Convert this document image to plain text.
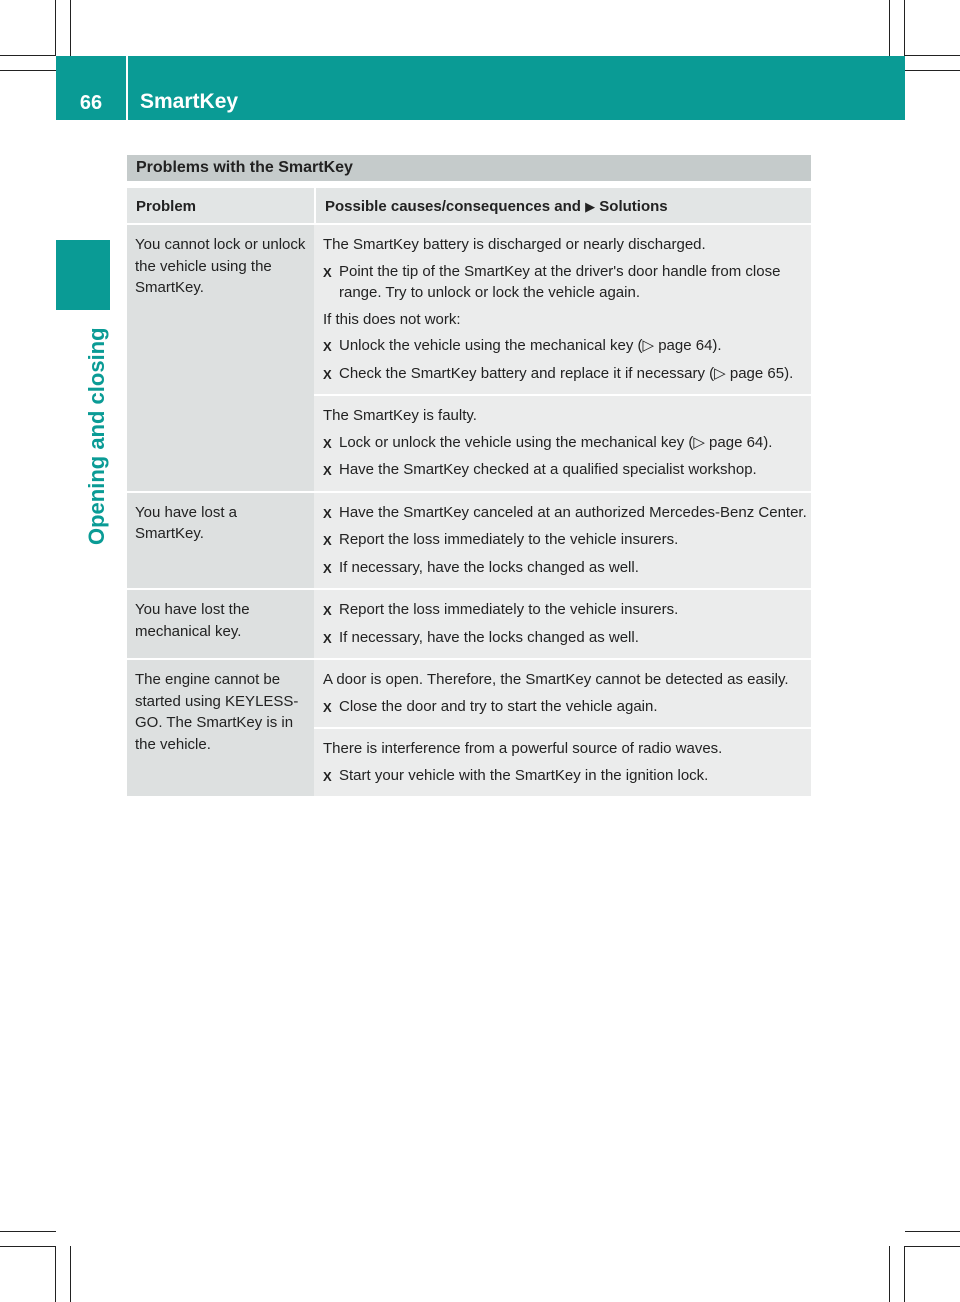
66	SmartKey
Opening and closing
Problems with the SmartKey
Problem	Possible causes/consequences and ▶ Solutions
You cannot lock or unlock the vehicle using the SmartKey.
The SmartKey battery is discharged or nearly discharged.
X Point the tip of the SmartKey at the driver's door handle from close range. Try to unlock or lock the vehicle again.
If this does not work:
X Unlock the vehicle using the mechanical key (▷ page 64).
X Check the SmartKey battery and replace it if necessary (▷ page 65).
The SmartKey is faulty.
X Lock or unlock the vehicle using the mechanical key (▷ page 64).
X Have the SmartKey checked at a qualified specialist workshop.
You have lost a SmartKey.
X Have the SmartKey canceled at an authorized Mercedes-Benz Center.
X Report the loss immediately to the vehicle insurers.
X If necessary, have the locks changed as well.
You have lost the mechanical key.
X Report the loss immediately to the vehicle insurers.
X If necessary, have the locks changed as well.
The engine cannot be started using KEYLESS-GO. The SmartKey is in the vehicle.
A door is open. Therefore, the SmartKey cannot be detected as easily.
X Close the door and try to start the vehicle again.
There is interference from a powerful source of radio waves.
X Start your vehicle with the SmartKey in the ignition lock.
